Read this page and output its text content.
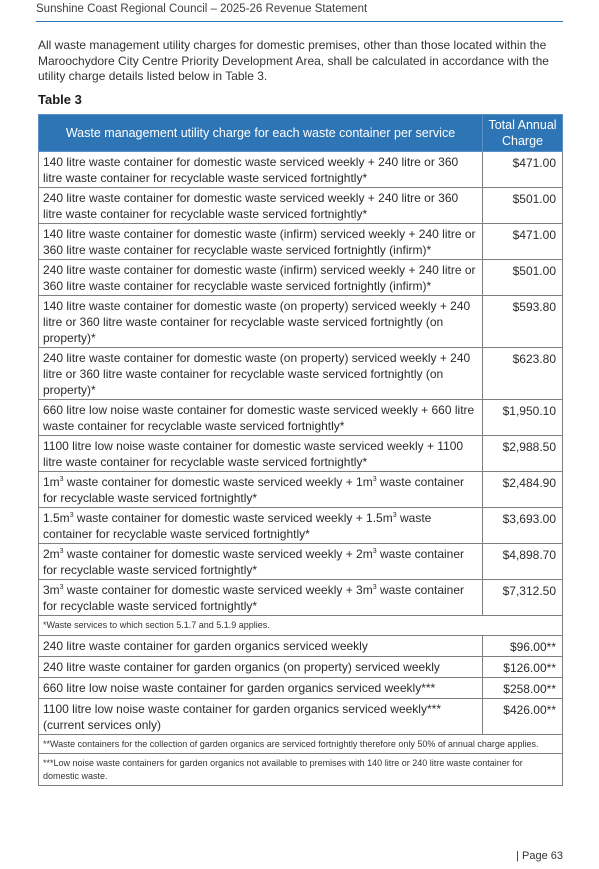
Sunshine Coast Regional Council – 2025-26 Revenue Statement

All waste management utility charges for domestic premises, other than those located within the Maroochydore City Centre Priority Development Area, shall be calculated in accordance with the utility charge details listed below in Table 3.

Table 3
Waste management utility charge for each waste container per service	Total Annual Charge
140 litre waste container for domestic waste serviced weekly + 240 litre or 360 litre waste container for recyclable waste serviced fortnightly*	$471.00
240 litre waste container for domestic waste serviced weekly + 240 litre or 360 litre waste container for recyclable waste serviced fortnightly*	$501.00
140 litre waste container for domestic waste (infirm) serviced weekly + 240 litre or 360 litre waste container for recyclable waste serviced fortnightly (infirm)*	$471.00
240 litre waste container for domestic waste (infirm) serviced weekly + 240 litre or 360 litre waste container for recyclable waste serviced fortnightly (infirm)*	$501.00
140 litre waste container for domestic waste (on property) serviced weekly + 240 litre or 360 litre waste container for recyclable waste serviced fortnightly (on property)*	$593.80
240 litre waste container for domestic waste (on property) serviced weekly + 240 litre or 360 litre waste container for recyclable waste serviced fortnightly (on property)*	$623.80
660 litre low noise waste container for domestic waste serviced weekly + 660 litre waste container for recyclable waste serviced fortnightly*	$1,950.10
1100 litre low noise waste container for domestic waste serviced weekly + 1100 litre waste container for recyclable waste serviced fortnightly*	$2,988.50
$1m^3$ waste container for domestic waste serviced weekly + $1m^3$ waste container for recyclable waste serviced fortnightly*	$2,484.90
$1.5m^3$ waste container for domestic waste serviced weekly + $1.5m^3$ waste container for recyclable waste serviced fortnightly*	$3,693.00
$2m^3$ waste container for domestic waste serviced weekly + $2m^3$ waste container for recyclable waste serviced fortnightly*	$4,898.70
$3m^3$ waste container for domestic waste serviced weekly + $3m^3$ waste container for recyclable waste serviced fortnightly*	$7,312.50
*Waste services to which section 5.1.7 and 5.1.9 applies.	
240 litre waste container for garden organics serviced weekly	$96.00**
240 litre waste container for garden organics (on property) serviced weekly	$126.00**
660 litre low noise waste container for garden organics serviced weekly***	$258.00**
1100 litre low noise waste container for garden organics serviced weekly*** (current services only)	$426.00**
**Waste containers for the collection of garden organics are serviced fortnightly therefore only 50% of annual charge applies.	
***Low noise waste containers for garden organics not available to premises with 140 litre or 240 litre waste container for domestic waste.	
| Page 63
